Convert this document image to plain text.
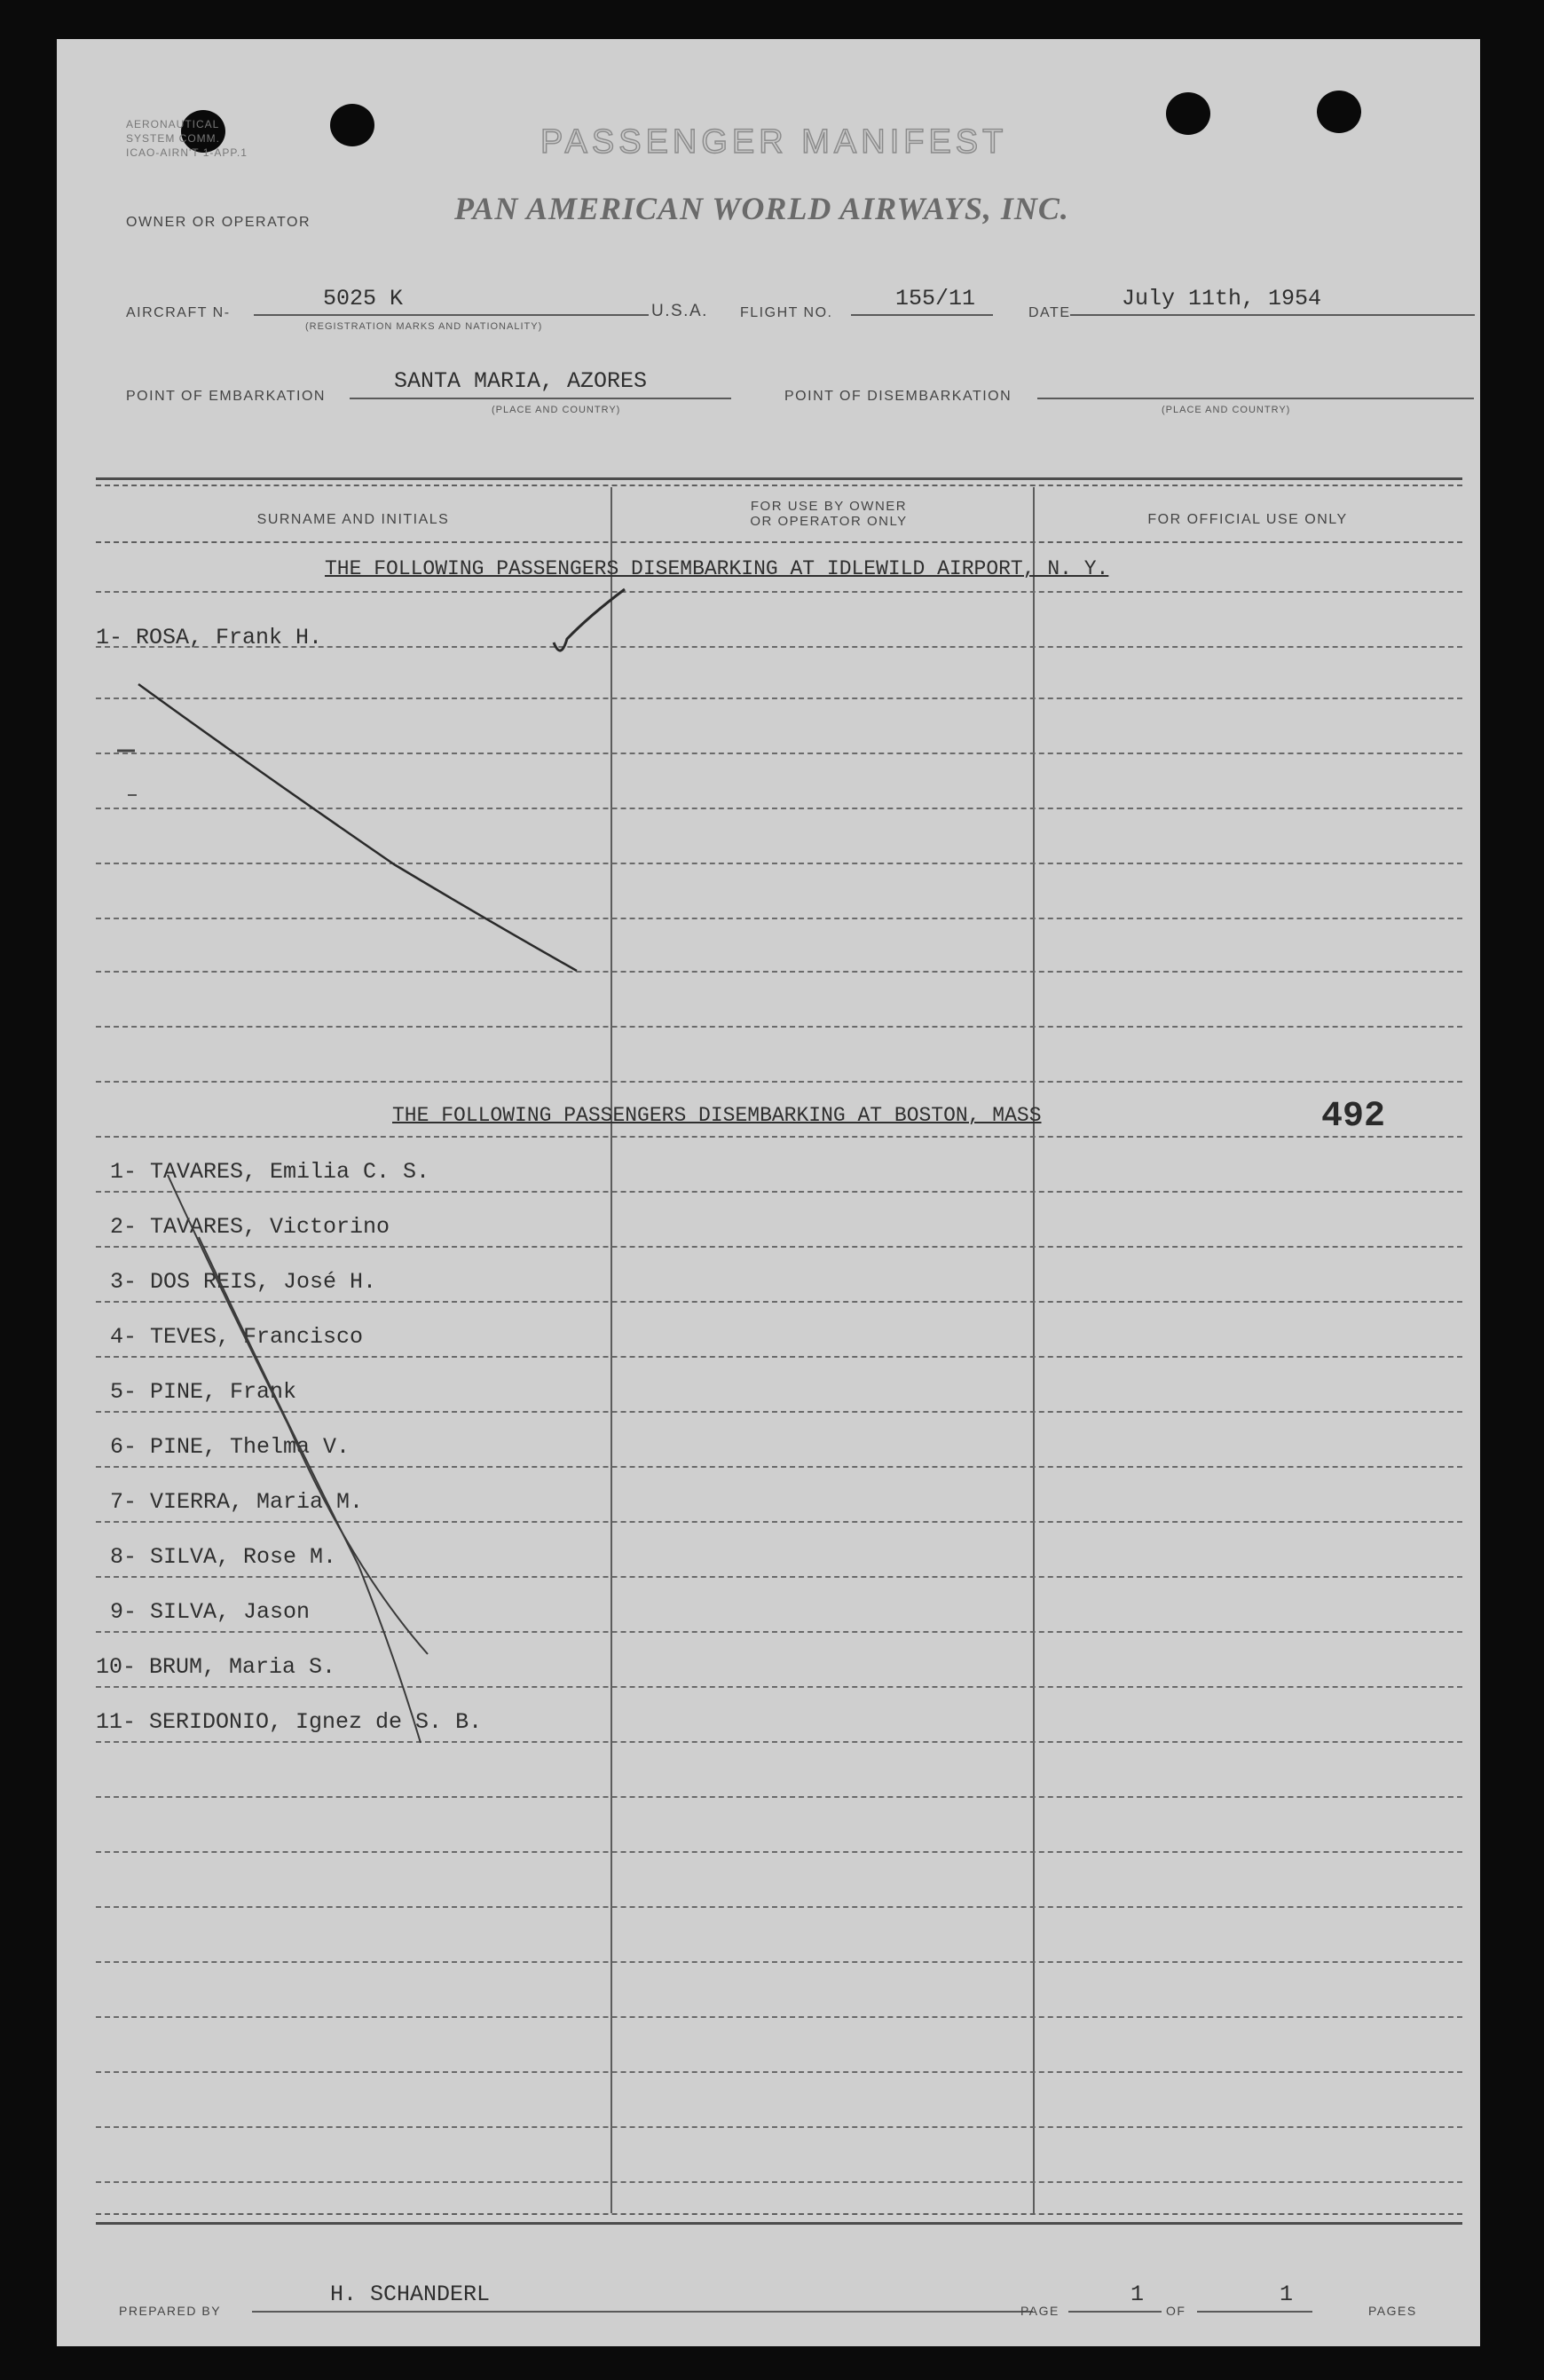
AERONAUTICAL
SYSTEM COMM.
ICAO-AIRN'T 1-APP.1	PASSENGER MANIFEST
PAN AMERICAN WORLD AIRWAYS, INC.
OWNER OR OPERATOR
AIRCRAFT N-
5025 K
(REGISTRATION MARKS AND NATIONALITY)
U.S.A. FLIGHT NO.
155/11
DATE
July 11th, 1954
POINT OF EMBARKATION
SANTA MARIA, AZORES
(PLACE AND COUNTRY)
POINT OF DISEMBARKATION
(PLACE AND COUNTRY)
SURNAME AND INITIALS
FOR USE BY OWNER OR OPERATOR ONLY	FOR OFFICIAL USE ONLY
THE FOLLOWING PASSENGERS DISEMBARKING AT IDLEWILD AIRPORT, N. Y.
1- ROSA, Frank H.
THE FOLLOWING PASSENGERS DISEMBARKING AT BOSTON, MASS	492
1- TAVARES, Emilia C. S.
2- TAVARES, Victorino
3- DOS REIS, José H.
4- TEVES, Francisco
5- PINE, Frank
6- PINE, Thelma V.
7- VIERRA, Maria M.
8- SILVA, Rose M.
9- SILVA, Jason
10- BRUM, Maria S.
11- SERIDONIO, Ignez de S. B.
PREPARED BY
H. SCHANDERL
PAGE
1
OF
1
PAGES
